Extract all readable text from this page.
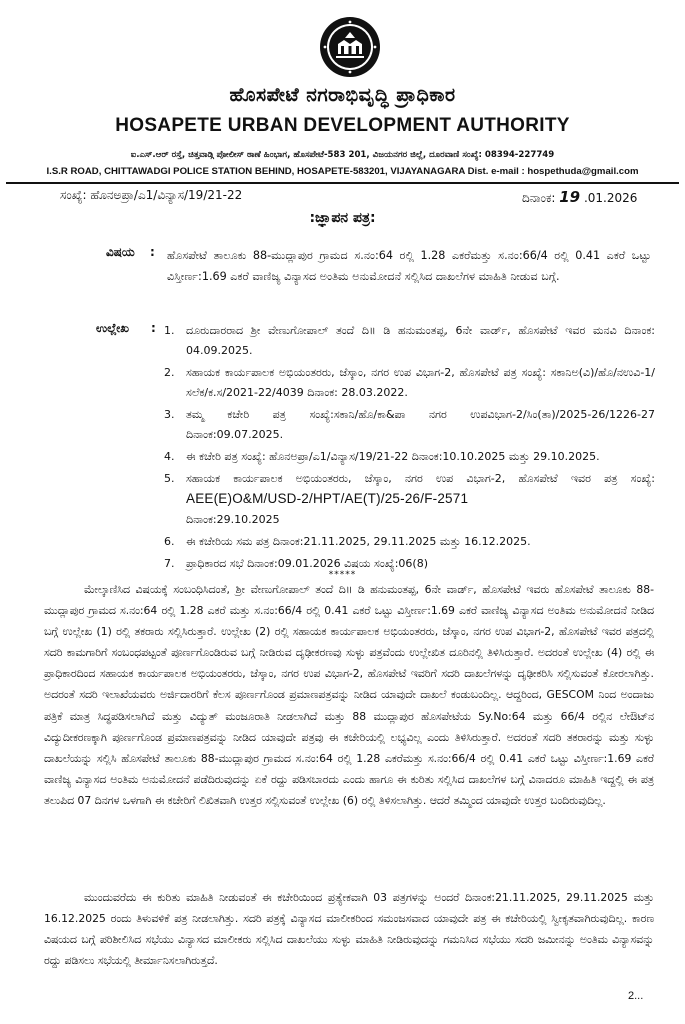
ಹೊಸಪೇಟೆ ನಗರಾಭಿವೃದ್ಧಿ ಪ್ರಾಧಿಕಾರ
HOSAPETE URBAN DEVELOPMENT AUTHORITY
ಐ.ಎಸ್.ಆರ್ ರಸ್ತೆ, ಚಿತ್ತವಾಡ್ಗಿ ಪೋಲೀಸ್ ಠಾಣೆ ಹಿಂಭಾಗ, ಹೊಸಪೇಟೆ-583 201, ವಿಜಯನಗರ ಜಿಲ್ಲೆ, ದೂರವಾಣಿ ಸಂಖ್ಯೆ: 08394-227749
I.S.R ROAD, CHITTAWADGI POLICE STATION BEHIND, HOSAPETE-583201, VIJAYANAGARA Dist. e-mail : hospethuda@gmail.com
ಸಂಖ್ಯೆ: ಹೊನಅಪ್ರಾ/ಎ1/ವಿನ್ಯಾಸ/19/21-22	ದಿನಾಂಕ: 19 .01.2026
:ಜ್ಞಾಪನ ಪತ್ರ:
ವಿಷಯ : ಹೊಸಪೇಟೆ ತಾಲೂಕು 88-ಮುದ್ಲಾಪುರ ಗ್ರಾಮದ ಸ.ನಂ:64 ರಲ್ಲಿ 1.28 ಎಕರೆಮತ್ತು ಸ.ನಂ:66/4 ರಲ್ಲಿ 0.41 ಎಕರೆ ಒಟ್ಟು ವಿಸ್ತೀರ್ಣ:1.69 ಎಕರೆ ವಾಣಿಜ್ಯ ವಿನ್ಯಾಸದ ಅಂತಿಮ ಅನುಮೋದನೆ ಸಲ್ಲಿಸಿದ ದಾಖಲೆಗಳ ಮಾಹಿತಿ ನೀಡುವ ಬಗ್ಗೆ.
ಉಲ್ಲೇಖ : 1.	ದೂರುದಾರರಾದ ಶ್ರೀ ವೇಣುಗೋಪಾಲ್ ತಂದೆ ದಿ॥ ಡಿ ಹನುಮಂತಪ್ಪ, 6ನೇ ವಾರ್ಡ್, ಹೊಸಪೇಟೆ ಇವರ ಮನವಿ ದಿನಾಂಕ: 04.09.2025.
2.	ಸಹಾಯಕ ಕಾರ್ಯಪಾಲಕ ಅಭಿಯಂತರರು, ಜೆಸ್ಕಾಂ, ನಗರ ಉಪ ವಿಭಾಗ-2, ಹೊಸಪೇಟೆ ಪತ್ರ ಸಂಖ್ಯೆ: ಸಕಾನಿಅ(ವಿ)/ಹೊ/ನಉವಿ-1/ಸಲೆಕ/ಕ.ಸ/2021-22/4039 ದಿನಾಂಕ: 28.03.2022.
3.	ತಮ್ಮ ಕಚೇರಿ ಪತ್ರ ಸಂಖ್ಯೆ:ಸಕಾನಿ/ಹೊ/ಕಾ&ಪಾ ನಗರ ಉಪವಿಭಾಗ-2/ಸಿಂ(ತಾ)/2025-26/1226-27 ದಿನಾಂಕ:09.07.2025.
4.	ಈ ಕಚೇರಿ ಪತ್ರ ಸಂಖ್ಯೆ: ಹೊನಅಪ್ರಾ/ಎ1/ವಿನ್ಯಾಸ/19/21-22 ದಿನಾಂಕ:10.10.2025 ಮತ್ತು 29.10.2025.
5.	ಸಹಾಯಕ ಕಾರ್ಯಪಾಲಕ ಅಭಿಯಂತರರು, ಜೆಸ್ಕಾಂ, ನಗರ ಉಪ ವಿಭಾಗ-2, ಹೊಸಪೇಟೆ ಇವರ ಪತ್ರ ಸಂಖ್ಯೆ: AEE(E)O&M/USD-2/HPT/AE(T)/25-26/F-2571
ದಿನಾಂಕ:29.10.2025
6.	ಈ ಕಚೇರಿಯ ಸಮ ಪತ್ರ ದಿನಾಂಕ:21.11.2025, 29.11.2025 ಮತ್ತು 16.12.2025.
7.	ಪ್ರಾಧಿಕಾರದ ಸಭೆ ದಿನಾಂಕ:09.01.2026 ವಿಷಯ ಸಂಖ್ಯೆ:06(8)
*****

ಮೇಲ್ಕಾಣಿಸಿದ ವಿಷಯಕ್ಕೆ ಸಂಬಂಧಿಸಿದಂತೆ, ಶ್ರೀ ವೇಣುಗೋಪಾಲ್ ತಂದೆ ದಿ॥ ಡಿ ಹನುಮಂತಪ್ಪ, 6ನೇ ವಾರ್ಡ್, ಹೊಸಪೇಟೆ ಇವರು ಹೊಸಪೇಟೆ ತಾಲೂಕು 88-ಮುದ್ಲಾಪುರ ಗ್ರಾಮದ ಸ.ನಂ:64 ರಲ್ಲಿ 1.28 ಎಕರೆ ಮತ್ತು ಸ.ನಂ:66/4 ರಲ್ಲಿ 0.41 ಎಕರೆ ಒಟ್ಟು ವಿಸ್ತೀರ್ಣ:1.69 ಎಕರೆ ವಾಣಿಜ್ಯ ವಿನ್ಯಾಸದ ಅಂತಿಮ ಅನುಮೋದನೆ ನೀಡಿದ ಬಗ್ಗೆ ಉಲ್ಲೇಖ (1) ರಲ್ಲಿ ತಕರಾರು ಸಲ್ಲಿಸಿರುತ್ತಾರೆ. ಉಲ್ಲೇಖ (2) ರಲ್ಲಿ ಸಹಾಯಕ ಕಾರ್ಯಪಾಲಕ ಅಭಿಯಂತರರು, ಜೆಸ್ಕಾಂ, ನಗರ ಉಪ ವಿಭಾಗ-2, ಹೊಸಪೇಟೆ ಇವರ ಪತ್ರದಲ್ಲಿ ಸದರಿ ಕಾಮಗಾರಿಗೆ ಸಂಬಂಧಪಟ್ಟಂತೆ ಪೂರ್ಣಗೊಂಡಿರುವ ಬಗ್ಗೆ ನೀಡಿರುವ ದೃಢೀಕರಣವು ಸುಳ್ಳು ಪತ್ರವೆಂದು ಉಲ್ಲೇಖಿತ ದೂರಿನಲ್ಲಿ ತಿಳಿಸಿರುತ್ತಾರೆ. ಅದರಂತೆ ಉಲ್ಲೇಖ (4) ರಲ್ಲಿ ಈ ಪ್ರಾಧಿಕಾರದಿಂದ ಸಹಾಯಕ ಕಾರ್ಯಪಾಲಕ ಅಭಿಯಂತರರು, ಜೆಸ್ಕಾಂ, ನಗರ ಉಪ ವಿಭಾಗ-2, ಹೊಸಪೇಟೆ ಇವರಿಗೆ ಸದರಿ ದಾಖಲೆಗಳನ್ನು ದೃಢೀಕರಿಸಿ ಸಲ್ಲಿಸುವಂತೆ ಕೋರಲಾಗಿತ್ತು. ಅದರಂತೆ ಸದರಿ ಇಲಾಖೆಯವರು ಅರ್ಜಿದಾರರಿಗೆ ಕೆಲಸ ಪೂರ್ಣಗೊಂಡ ಪ್ರಮಾಣಪತ್ರವನ್ನು ನೀಡಿದ ಯಾವುದೇ ದಾಖಲೆ ಕಂಡುಬಂದಿಲ್ಲ. ಆದ್ದರಿಂದ, GESCOM ನಿಂದ ಅಂದಾಜು ಪತ್ರಿಕೆ ಮಾತ್ರ ಸಿದ್ಧಪಡಿಸಲಾಗಿದೆ ಮತ್ತು ವಿದ್ಯುತ್ ಮಂಜೂರಾತಿ ನೀಡಲಾಗಿದೆ ಮತ್ತು 88 ಮುದ್ಲಾಪುರ ಹೊಸಪೇಟೆಯ Sy.No:64 ಮತ್ತು 66/4 ರಲ್ಲಿನ ಲೇಔಟ್‌ನ ವಿದ್ಯುದೀಕರಣಕ್ಕಾಗಿ ಪೂರ್ಣಗೊಂಡ ಪ್ರಮಾಣಪತ್ರವನ್ನು ನೀಡಿದ ಯಾವುದೇ ಪತ್ರವು ಈ ಕಚೇರಿಯಲ್ಲಿ ಲಭ್ಯವಿಲ್ಲ ಎಂದು ತಿಳಿಸಿರುತ್ತಾರೆ. ಅದರಂತೆ ಸದರಿ ತಕರಾರನ್ನು ಮತ್ತು ಸುಳ್ಳು ದಾಖಲೆಯನ್ನು ಸಲ್ಲಿಸಿ ಹೊಸಪೇಟೆ ತಾಲೂಕು 88-ಮುದ್ಲಾಪುರ ಗ್ರಾಮದ ಸ.ನಂ:64 ರಲ್ಲಿ 1.28 ಎಕರೆಮತ್ತು ಸ.ನಂ:66/4 ರಲ್ಲಿ 0.41 ಎಕರೆ ಒಟ್ಟು ವಿಸ್ತೀರ್ಣ:1.69 ಎಕರೆ ವಾಣಿಜ್ಯ ವಿನ್ಯಾಸದ ಅಂತಿಮ ಅನುಮೋದನೆ ಪಡೆದಿರುವುದನ್ನು ಏಕೆ ರದ್ದು ಪಡಿಸಬಾರದು ಎಂದು ಹಾಗೂ ಈ ಕುರಿತು ಸಲ್ಲಿಸಿದ ದಾಖಲೆಗಳ ಬಗ್ಗೆ ವಿನಾದರೂ ಮಾಹಿತಿ ಇದ್ದಲ್ಲಿ ಈ ಪತ್ರ ತಲುಪಿದ 07 ದಿನಗಳ ಒಳಗಾಗಿ ಈ ಕಚೇರಿಗೆ ಲಿಖಿತವಾಗಿ ಉತ್ತರ ಸಲ್ಲಿಸುವಂತೆ ಉಲ್ಲೇಖ (6) ರಲ್ಲಿ ತಿಳಿಸಲಾಗಿತ್ತು. ಆದರೆ ತಮ್ಮಿಂದ ಯಾವುದೇ ಉತ್ತರ ಬಂದಿರುವುದಿಲ್ಲ.

ಮುಂದುವರೆದು ಈ ಕುರಿತು ಮಾಹಿತಿ ನೀಡುವಂತೆ ಈ ಕಚೇರಿಯಿಂದ ಪ್ರತ್ಯೇಕವಾಗಿ 03 ಪತ್ರಗಳನ್ನು ಅಂದರೆ ದಿನಾಂಕ:21.11.2025, 29.11.2025 ಮತ್ತು 16.12.2025 ರಂದು ತಿಳುವಳಿಕೆ ಪತ್ರ ನೀಡಲಾಗಿತ್ತು. ಸದರಿ ಪತ್ರಕ್ಕೆ ವಿನ್ಯಾಸದ ಮಾಲೀಕರಿಂದ ಸಮಂಜಸವಾದ ಯಾವುದೇ ಪತ್ರ ಈ ಕಚೇರಿಯಲ್ಲಿ ಸ್ವೀಕೃತವಾಗಿರುವುದಿಲ್ಲ. ಕಾರಣ ವಿಷಯದ ಬಗ್ಗೆ ಪರಿಶೀಲಿಸಿದ ಸಭೆಯು ವಿನ್ಯಾಸದ ಮಾಲೀಕರು ಸಲ್ಲಿಸಿದ ದಾಖಲೆಯು ಸುಳ್ಳು ಮಾಹಿತಿ ನೀಡಿರುವುದನ್ನು ಗಮನಿಸಿದ ಸಭೆಯು ಸದರಿ ಜಮೀನನ್ನು ಅಂತಿಮ ವಿನ್ಯಾಸವನ್ನು ರದ್ದು ಪಡಿಸಲು ಸಭೆಯಲ್ಲಿ ತೀರ್ಮಾನಿಸಲಾಗಿರುತ್ತದೆ.

2...
